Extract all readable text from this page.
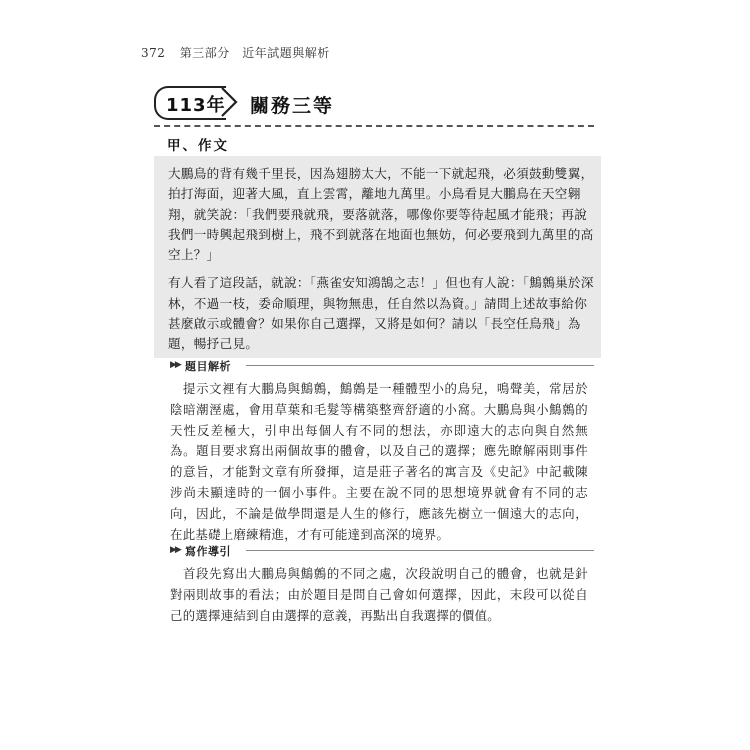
372 第三部分　近年試題與解析
113年 關務三等
甲、作文

大鵬鳥的背有幾千里長，因為翅膀太大，不能一下就起飛，必須鼓動雙翼，拍打海面，迎著大風，直上雲霄，離地九萬里。小鳥看見大鵬鳥在天空翱翔，就笑說：「我們要飛就飛，要落就落，哪像你要等待起風才能飛；再說我們一時興起飛到樹上，飛不到就落在地面也無妨，何必要飛到九萬里的高空上？」

有人看了這段話，就說：「燕雀安知鴻鵠之志！」但也有人說：「鷦鷯巢於深林，不過一枝，委命順理，與物無患，任自然以為資。」請問上述故事給你甚麼啟示或體會？如果你自己選擇，又將是如何？請以「長空任鳥飛」為題，暢抒己見。

▶▶ 題目解析
提示文裡有大鵬鳥與鷦鷯，鷦鷯是一種體型小的鳥兒，鳴聲美，常居於陰暗潮溼處，會用草葉和毛髮等構築整齊舒適的小窩。大鵬鳥與小鷦鷯的天性反差極大，引申出每個人有不同的想法，亦即遠大的志向與自然無為。題目要求寫出兩個故事的體會，以及自己的選擇；應先瞭解兩則事件的意旨，才能對文章有所發揮，這是莊子著名的寓言及《史記》中記載陳涉尚未顯達時的一個小事件。主要在說不同的思想境界就會有不同的志向，因此，不論是做學問還是人生的修行，應該先樹立一個遠大的志向，在此基礎上磨練精進，才有可能達到高深的境界。
▶▶ 寫作導引
首段先寫出大鵬鳥與鷦鷯的不同之處，次段說明自己的體會，也就是針對兩則故事的看法；由於題目是問自己會如何選擇，因此，末段可以從自己的選擇連結到自由選擇的意義，再點出自我選擇的價值。
